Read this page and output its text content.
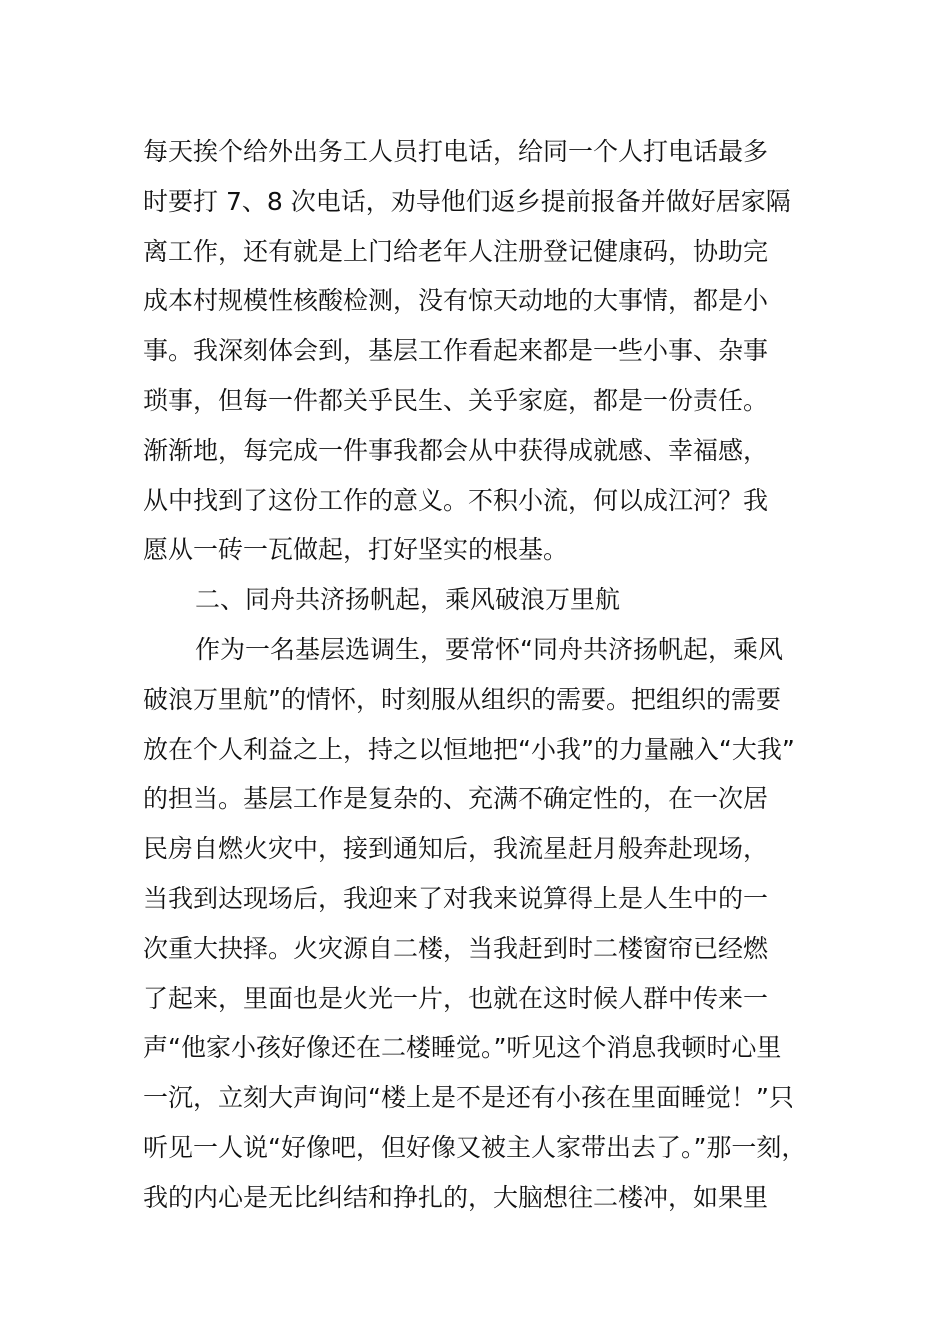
每天挨个给外出务工人员打电话，给同一个人打电话最多
时要打 7、8 次电话，劝导他们返乡提前报备并做好居家隔
离工作，还有就是上门给老年人注册登记健康码，协助完
成本村规模性核酸检测，没有惊天动地的大事情，都是小
事。我深刻体会到，基层工作看起来都是一些小事、杂事
琐事，但每一件都关乎民生、关乎家庭，都是一份责任。
渐渐地，每完成一件事我都会从中获得成就感、幸福感，
从中找到了这份工作的意义。不积小流，何以成江河？我
愿从一砖一瓦做起，打好坚实的根基。
二、同舟共济扬帆起，乘风破浪万里航
作为一名基层选调生，要常怀“同舟共济扬帆起，乘风
破浪万里航”的情怀，时刻服从组织的需要。把组织的需要
放在个人利益之上，持之以恒地把“小我”的力量融入“大我”
的担当。基层工作是复杂的、充满不确定性的，在一次居
民房自燃火灾中，接到通知后，我流星赶月般奔赴现场，
当我到达现场后，我迎来了对我来说算得上是人生中的一
次重大抉择。火灾源自二楼，当我赶到时二楼窗帘已经燃
了起来，里面也是火光一片，也就在这时候人群中传来一
声“他家小孩好像还在二楼睡觉。”听见这个消息我顿时心里
一沉，立刻大声询问“楼上是不是还有小孩在里面睡觉！”只
听见一人说“好像吧，但好像又被主人家带出去了。”那一刻，
我的内心是无比纠结和挣扎的，大脑想往二楼冲，如果里
